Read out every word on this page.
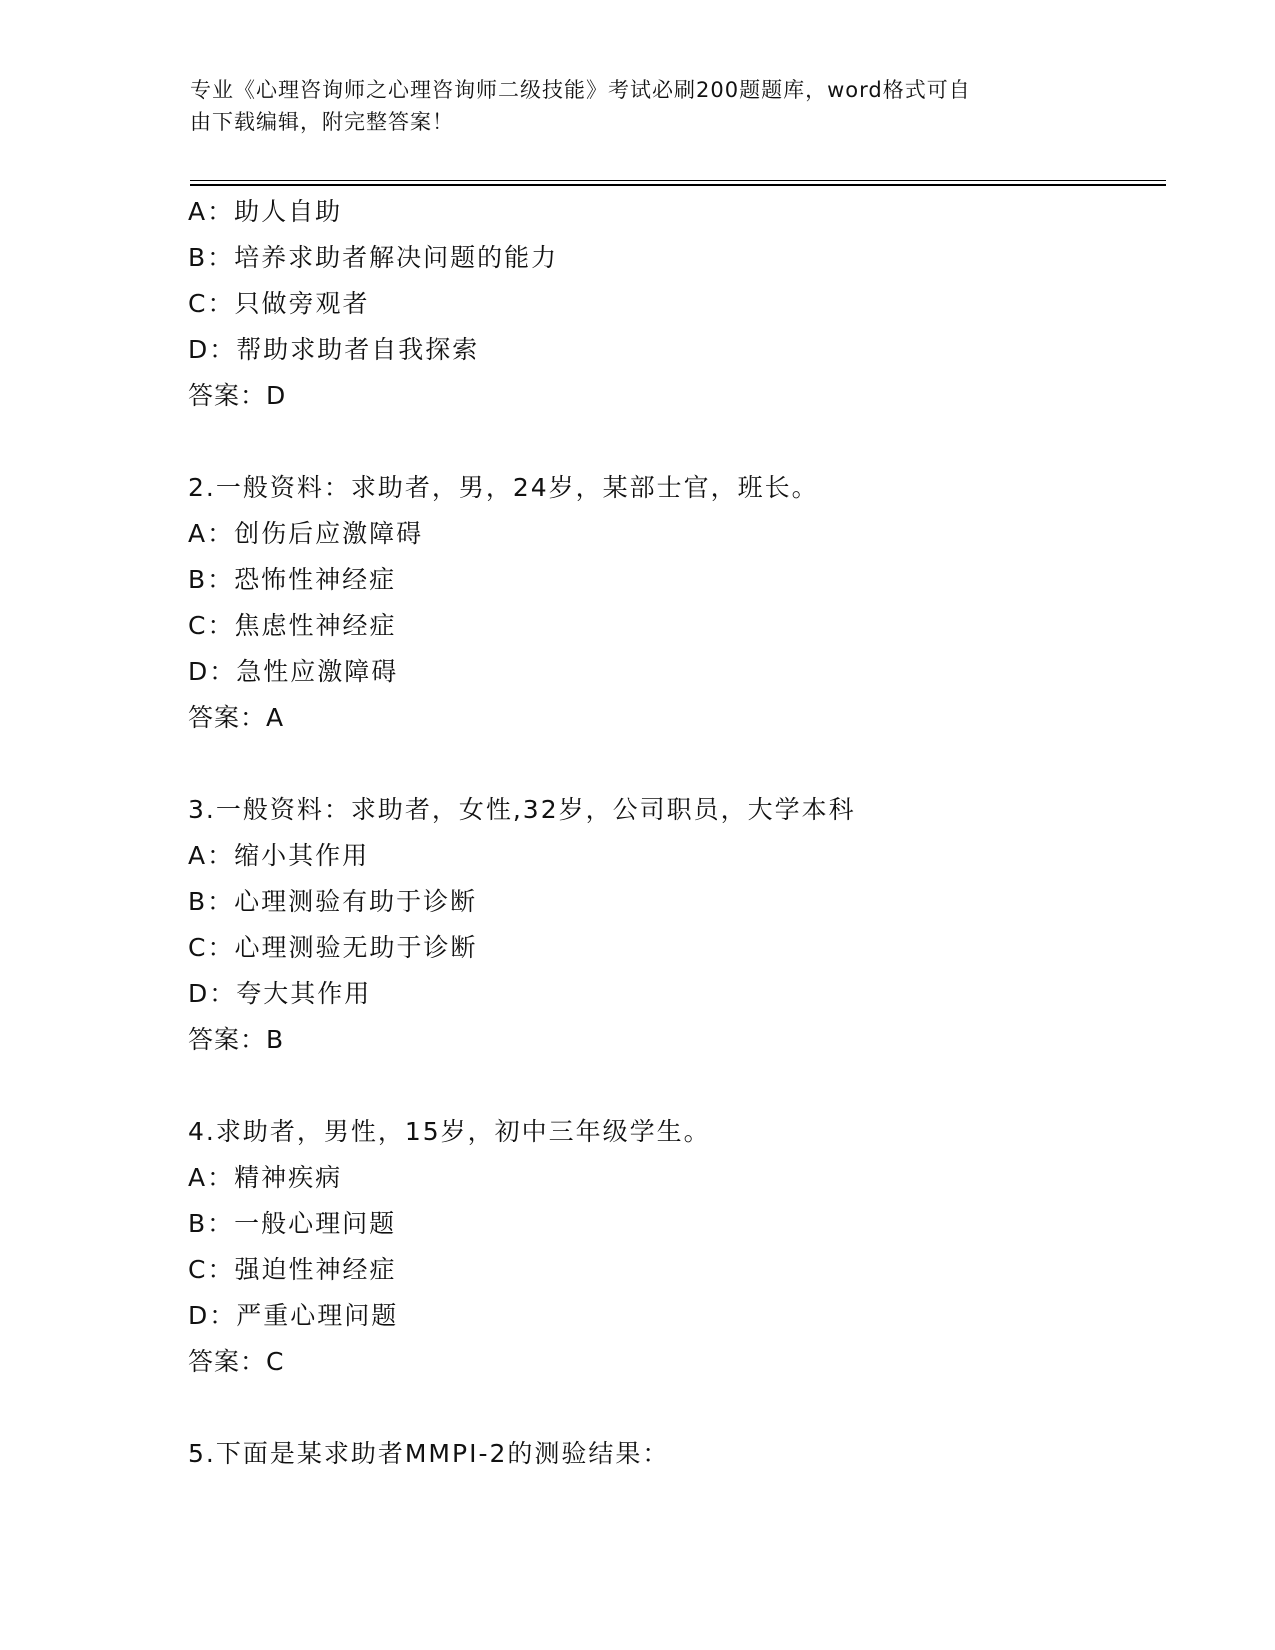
专业《心理咨询师之心理咨询师二级技能》考试必刷200题题库，word格式可自
由下载编辑，附完整答案！
A：助人自助
B：培养求助者解决问题的能力
C：只做旁观者
D：帮助求助者自我探索
答案：D
2.一般资料：求助者，男，24岁，某部士官，班长。
A：创伤后应激障碍
B：恐怖性神经症
C：焦虑性神经症
D：急性应激障碍
答案：A
3.一般资料：求助者，女性,32岁，公司职员，大学本科
A：缩小其作用
B：心理测验有助于诊断
C：心理测验无助于诊断
D：夸大其作用
答案：B
4.求助者，男性，15岁，初中三年级学生。
A：精神疾病
B：一般心理问题
C：强迫性神经症
D：严重心理问题
答案：C
5.下面是某求助者MMPI-2的测验结果：
